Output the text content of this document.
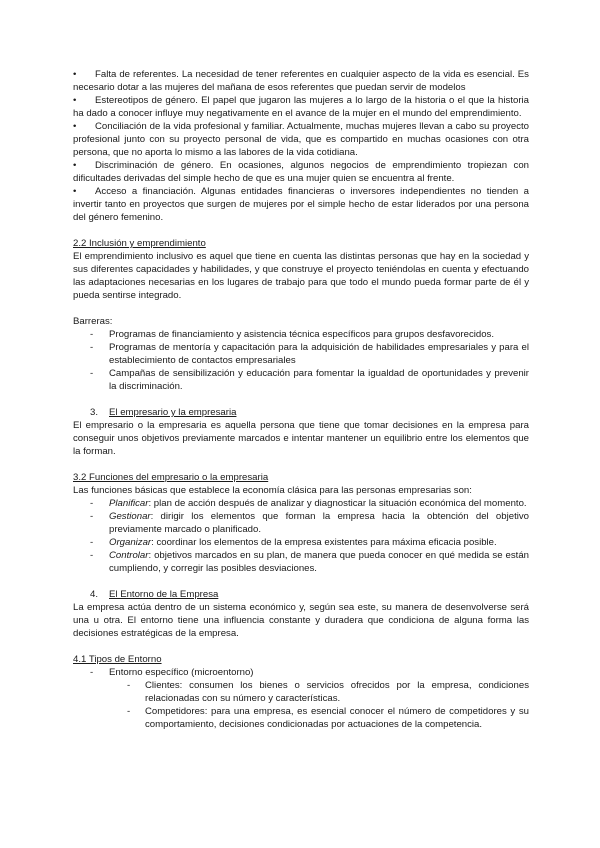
• Falta de referentes. La necesidad de tener referentes en cualquier aspecto de la vida es esencial. Es necesario dotar a las mujeres del mañana de esos referentes que puedan servir de modelos

• Estereotipos de género. El papel que jugaron las mujeres a lo largo de la historia o el que la historia ha dado a conocer influye muy negativamente en el avance de la mujer en el mundo del emprendimiento.

• Conciliación de la vida profesional y familiar. Actualmente, muchas mujeres llevan a cabo su proyecto profesional junto con su proyecto personal de vida, que es compartido en muchas ocasiones con otra persona, que no aporta lo mismo a las labores de la vida cotidiana.

• Discriminación de género. En ocasiones, algunos negocios de emprendimiento tropiezan con dificultades derivadas del simple hecho de que es una mujer quien se encuentra al frente.

• Acceso a financiación. Algunas entidades financieras o inversores independientes no tienden a invertir tanto en proyectos que surgen de mujeres por el simple hecho de estar liderados por una persona del género femenino.

2.2 Inclusión y emprendimiento

El emprendimiento inclusivo es aquel que tiene en cuenta las distintas personas que hay en la sociedad y sus diferentes capacidades y habilidades, y que construye el proyecto teniéndolas en cuenta y efectuando las adaptaciones necesarias en los lugares de trabajo para que todo el mundo pueda formar parte de él y pueda sentirse integrado.

Barreras:

- Programas de financiamiento y asistencia técnica específicos para grupos desfavorecidos.
- Programas de mentoría y capacitación para la adquisición de habilidades empresariales y para el establecimiento de contactos empresariales
- Campañas de sensibilización y educación para fomentar la igualdad de oportunidades y prevenir la discriminación.

3. El empresario y la empresaria

El empresario o la empresaria es aquella persona que tiene que tomar decisiones en la empresa para conseguir unos objetivos previamente marcados e intentar mantener un equilibrio entre los elementos que la forman.

3.2 Funciones del empresario o la empresaria

Las funciones básicas que establece la economía clásica para las personas empresarias son:

- Planificar: plan de acción después de analizar y diagnosticar la situación económica del momento.
- Gestionar: dirigir los elementos que forman la empresa hacia la obtención del objetivo previamente marcado o planificado.
- Organizar: coordinar los elementos de la empresa existentes para máxima eficacia posible.
- Controlar: objetivos marcados en su plan, de manera que pueda conocer en qué medida se están cumpliendo, y corregir las posibles desviaciones.

4. El Entorno de la Empresa

La empresa actúa dentro de un sistema económico y, según sea este, su manera de desenvolverse será una u otra. El entorno tiene una influencia constante y duradera que condiciona de alguna forma las decisiones estratégicas de la empresa.

4.1 Tipos de Entorno

- Entorno específico (microentorno)
- Clientes: consumen los bienes o servicios ofrecidos por la empresa, condiciones relacionadas con su número y características.
- Competidores: para una empresa, es esencial conocer el número de competidores y su comportamiento, decisiones condicionadas por actuaciones de la competencia.
